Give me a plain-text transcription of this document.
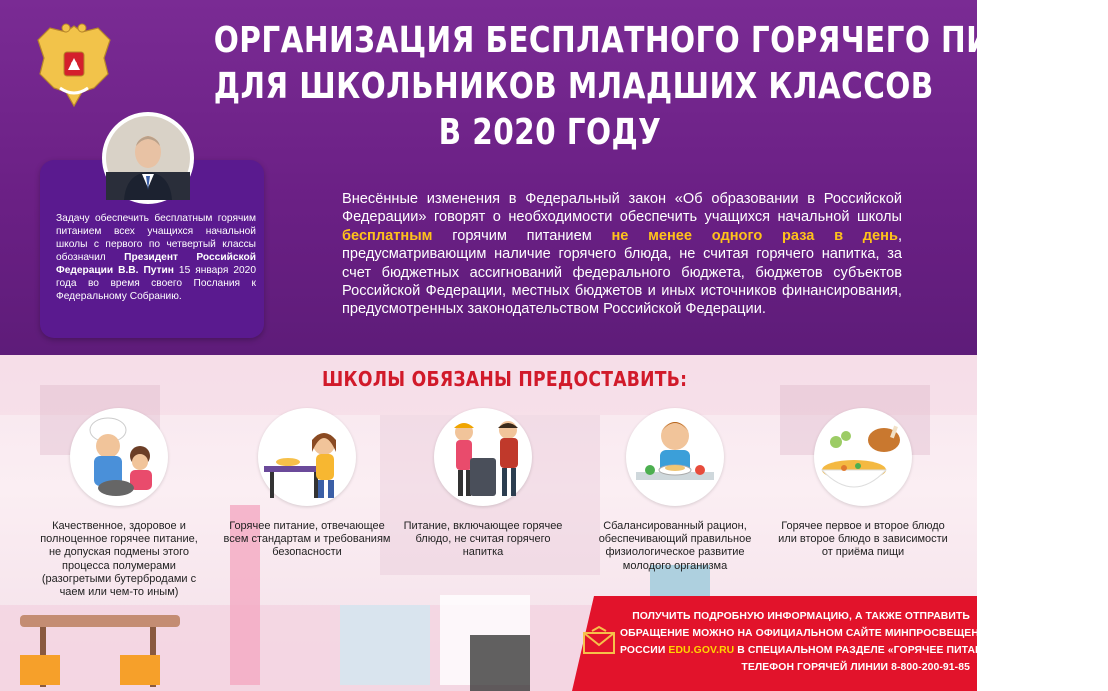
ОРГАНИЗАЦИЯ БЕСПЛАТНОГО ГОРЯЧЕГО ПИТАНИЯ
ДЛЯ ШКОЛЬНИКОВ МЛАДШИХ КЛАССОВ
В 2020 ГОДУ
Задачу обеспечить бесплатным горячим питанием всех учащихся начальной школы с первого по четвертый классы обозначил Президент Российской Федерации В.В. Путин 15 января 2020 года во время своего Послания к Федеральному Собранию.
Внесённые изменения в Федеральный закон «Об образовании в Российской Федерации» говорят о необходимости обеспечить учащихся начальной школы бесплатным горячим питанием не менее одного раза в день, предусматривающим наличие горячего блюда, не считая горячего напитка, за счет бюджетных ассигнований федерального бюджета, бюджетов субъектов Российской Федерации, местных бюджетов и иных источников финансирования, предусмотренных законодательством Российской Федерации.
ШКОЛЫ ОБЯЗАНЫ ПРЕДОСТАВИТЬ:
Качественное, здоровое и полноценное горячее питание, не допуская подмены этого процесса полумерами (разогретыми бутербродами с чаем или чем-то иным)
Горячее питание, отвечающее всем стандартам и требованиям безопасности
Питание, включающее горячее блюдо, не считая горячего напитка
Сбалансированный рацион, обеспечивающий правильное физиологическое развитие молодого организма
Горячее первое и второе блюдо или второе блюдо в зависимости от приёма пищи
ПОЛУЧИТЬ ПОДРОБНУЮ ИНФОРМАЦИЮ, А ТАКЖЕ ОТПРАВИТЬ
ОБРАЩЕНИЕ МОЖНО НА ОФИЦИАЛЬНОМ САЙТЕ МИНПРОСВЕЩЕНИЯ
РОССИИ EDU.GOV.RU В СПЕЦИАЛЬНОМ РАЗДЕЛЕ «ГОРЯЧЕЕ ПИТАНИЕ»
ТЕЛЕФОН ГОРЯЧЕЙ ЛИНИИ 8-800-200-91-85
